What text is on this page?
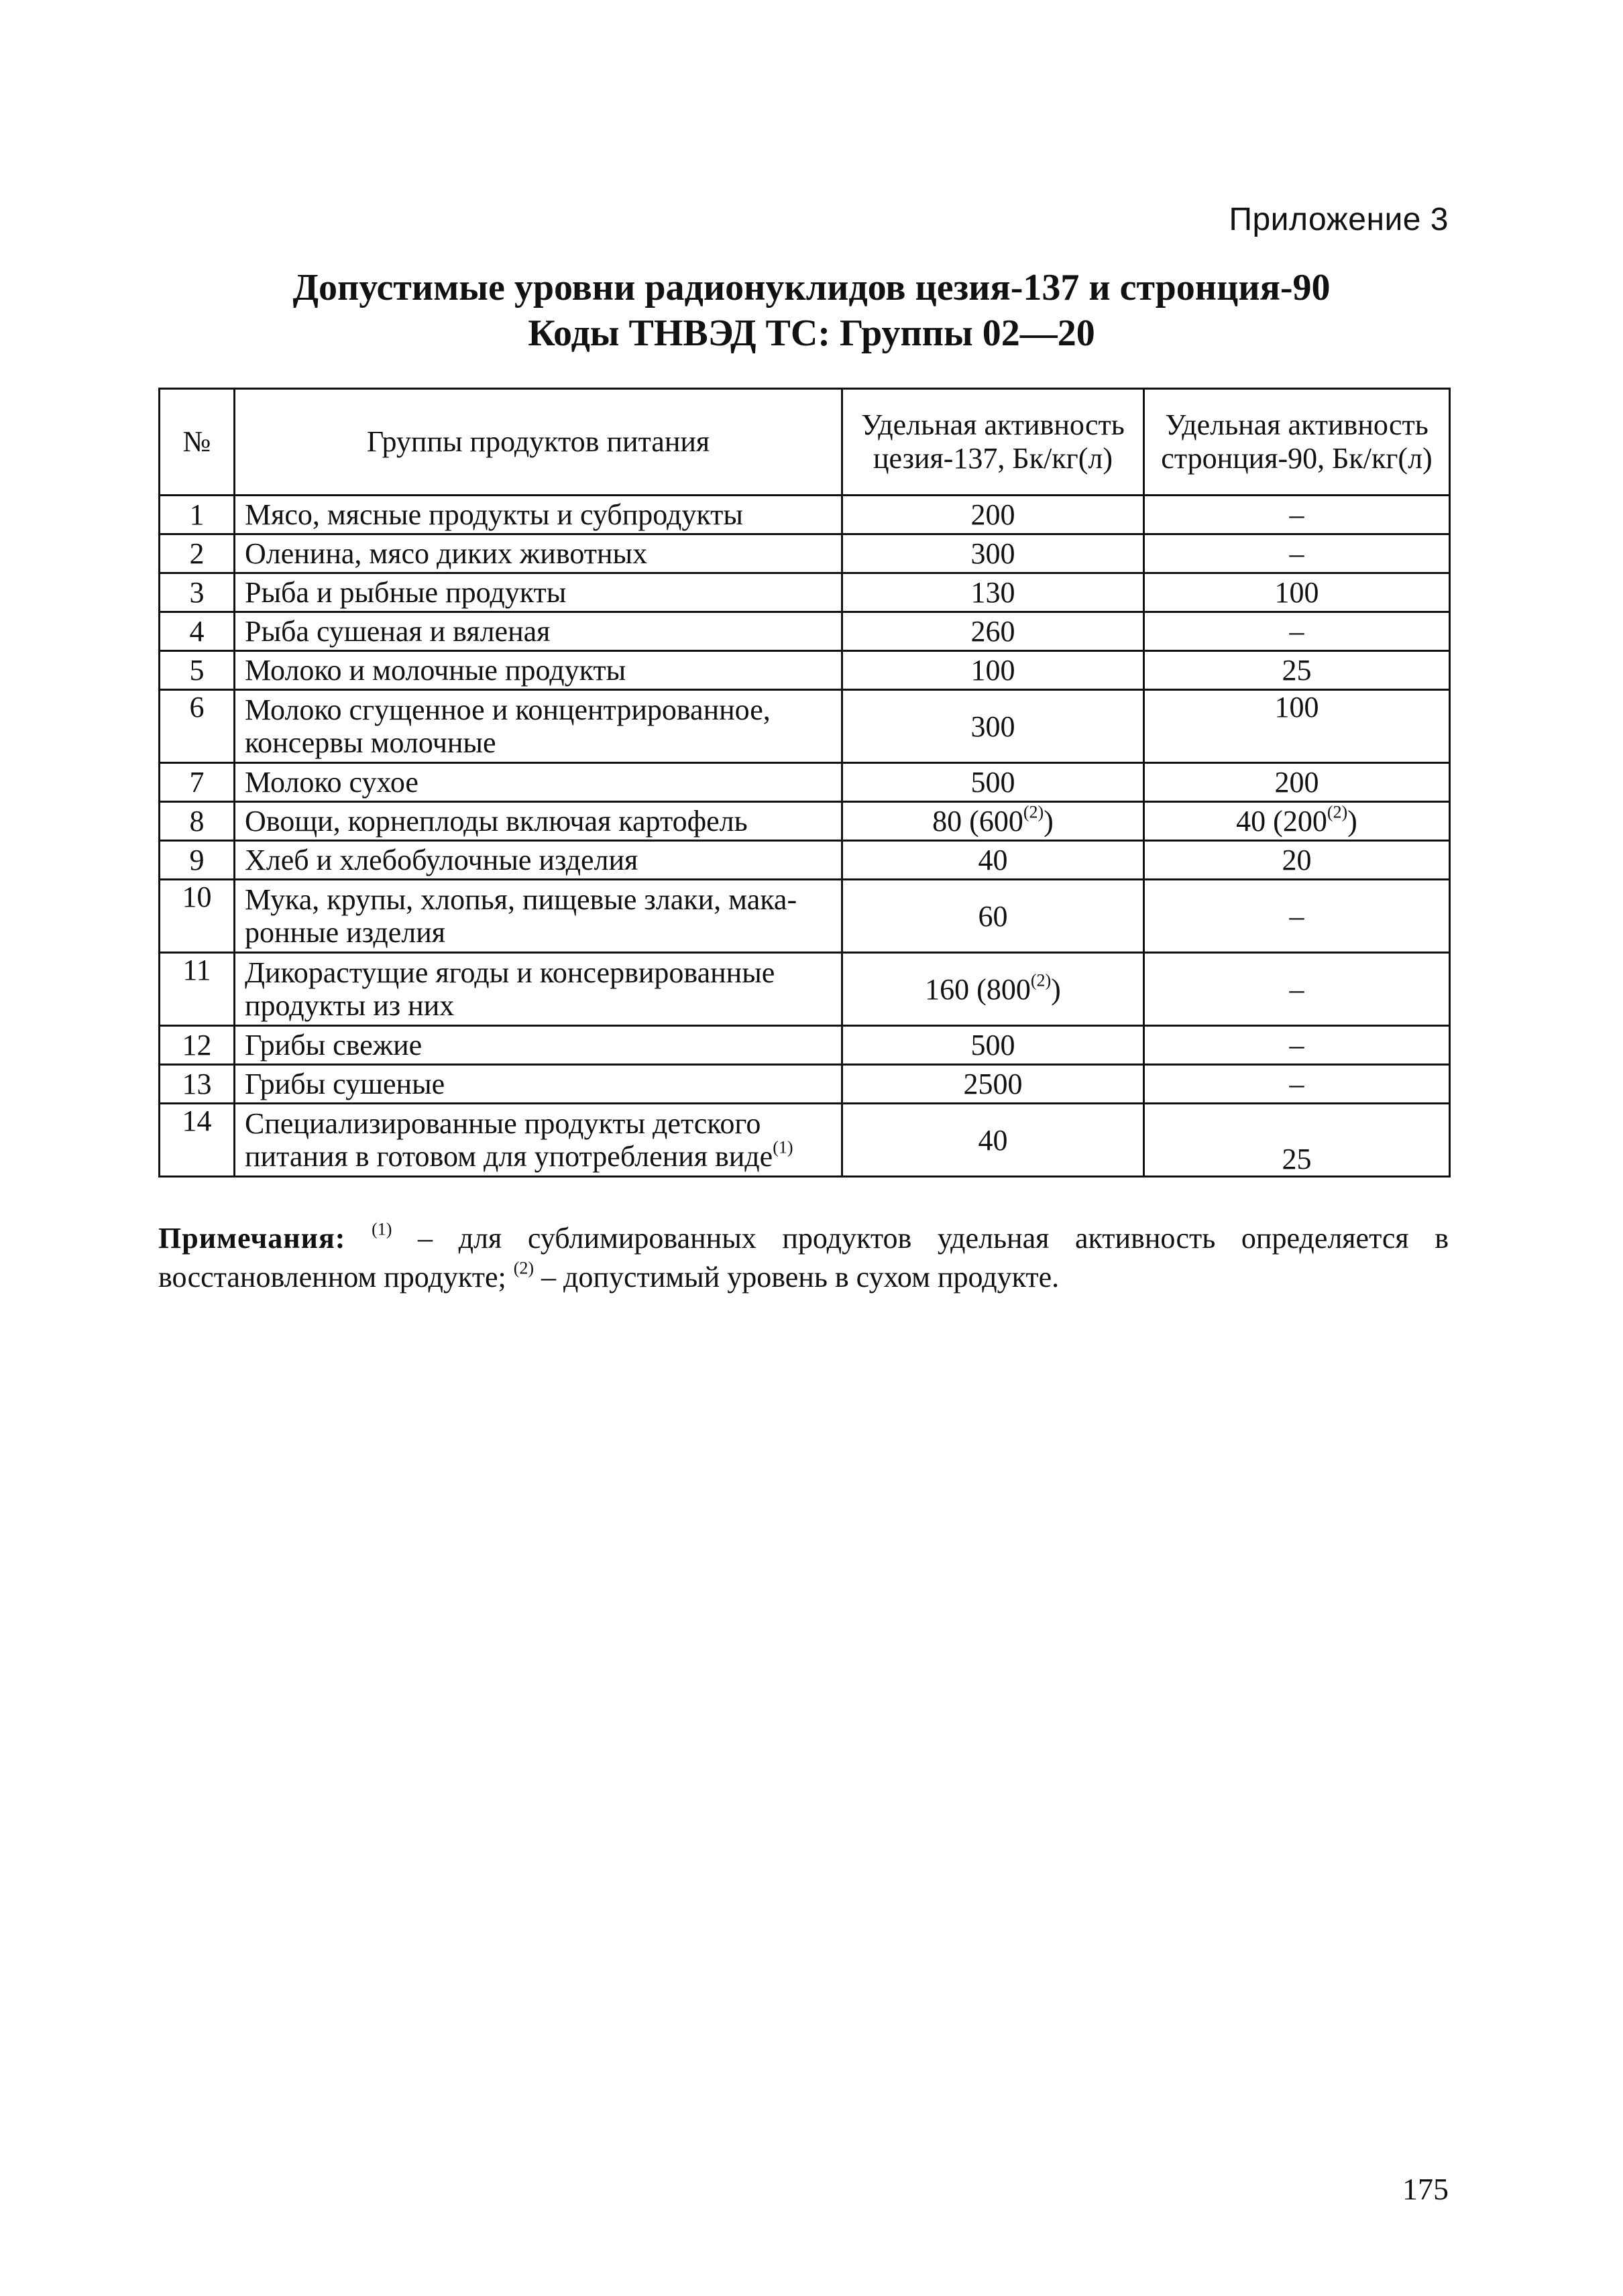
Приложение 3
Допустимые уровни радионуклидов цезия-137 и стронция-90
Коды ТНВЭД ТС: Группы 02—20
№	Группы продуктов питания	Удельная активность цезия-137, Бк/кг(л)	Удельная активность стронция-90, Бк/кг(л)
1	Мясо, мясные продукты и субпродукты	200	–
2	Оленина, мясо диких животных	300	–
3	Рыба и рыбные продукты	130	100
4	Рыба сушеная и вяленая	260	–
5	Молоко и молочные продукты	100	25
6	Молоко сгущенное и концентрированное, консервы молочные	300	100
7	Молоко сухое	500	200
8	Овощи, корнеплоды включая картофель	80 (600$^{(2)}$)	40 (200$^{(2)}$)
9	Хлеб и хлебобулочные изделия	40	20
10	Мука, крупы, хлопья, пищевые злаки, мака-ронные изделия	60	–
11	Дикорастущие ягоды и консервированные продукты из них	160 (800$^{(2)}$)	–
12	Грибы свежие	500	–
13	Грибы сушеные	2500	–
14	Специализированные продукты детского питания в готовом для употребления виде$^{(1)}$	40	25
Примечания: $^{(1)}$ – для сублимированных продуктов удельная активность определяется в восстановленном продукте; $^{(2)}$ – допустимый уровень в сухом продукте.
175
